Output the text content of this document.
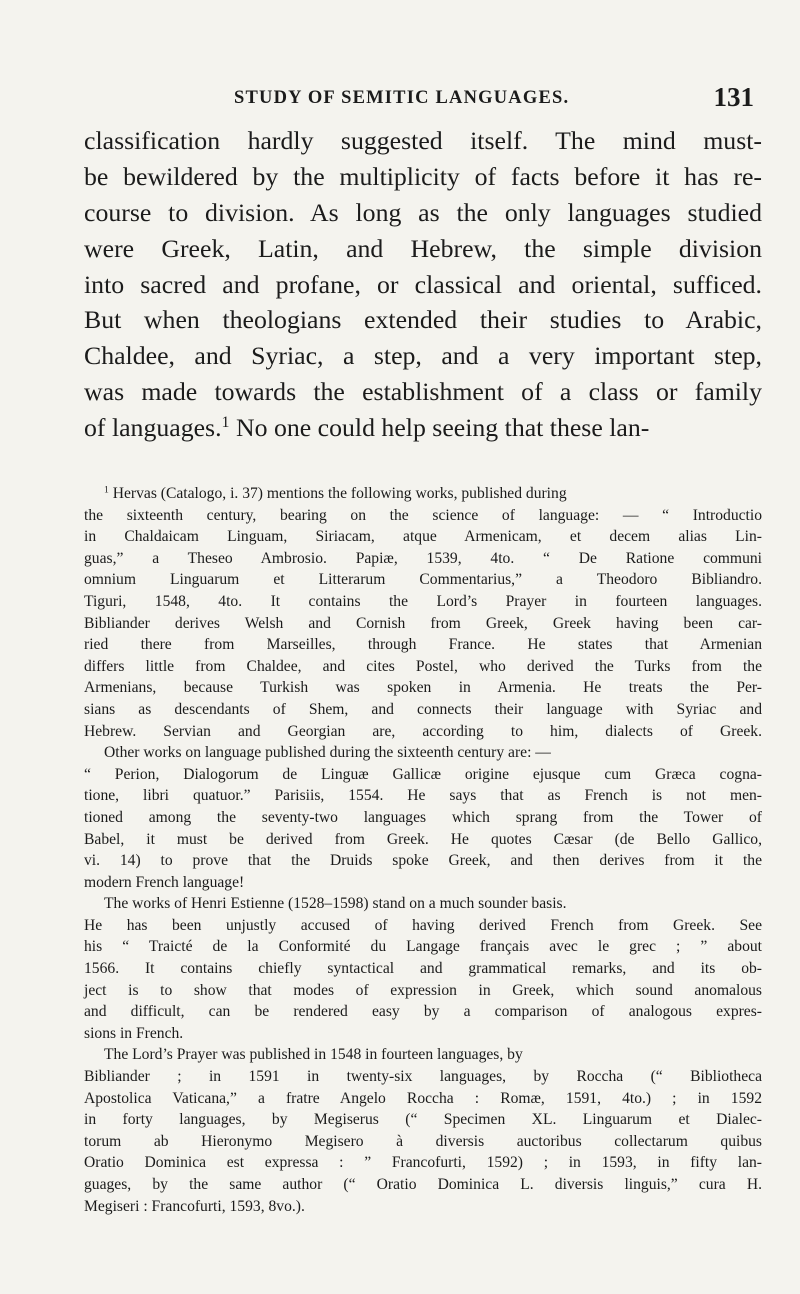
STUDY OF SEMITIC LANGUAGES.	131
classification hardly suggested itself. The mind must-
be bewildered by the multiplicity of facts before it has re-
course to division. As long as the only languages studied
were Greek, Latin, and Hebrew, the simple division
into sacred and profane, or classical and oriental, sufficed.
But when theologians extended their studies to Arabic,
Chaldee, and Syriac, a step, and a very important step,
was made towards the establishment of a class or family
of languages.$^1$ No one could help seeing that these lan-
$^1$ Hervas (Catalogo, i. 37) mentions the following works, published during
the sixteenth century, bearing on the science of language: — “ Introductio
in Chaldaicam Linguam, Siriacam, atque Armenicam, et decem alias Lin-
guas,” a Theseo Ambrosio. Papiæ, 1539, 4to. “ De Ratione communi
omnium Linguarum et Litterarum Commentarius,” a Theodoro Bibliandro.
Tiguri, 1548, 4to. It contains the Lord’s Prayer in fourteen languages.
Bibliander derives Welsh and Cornish from Greek, Greek having been car-
ried there from Marseilles, through France. He states that Armenian
differs little from Chaldee, and cites Postel, who derived the Turks from the
Armenians, because Turkish was spoken in Armenia. He treats the Per-
sians as descendants of Shem, and connects their language with Syriac and
Hebrew. Servian and Georgian are, according to him, dialects of Greek.
Other works on language published during the sixteenth century are: —
“ Perion, Dialogorum de Linguæ Gallicæ origine ejusque cum Græca cogna-
tione, libri quatuor.” Parisiis, 1554. He says that as French is not men-
tioned among the seventy-two languages which sprang from the Tower of
Babel, it must be derived from Greek. He quotes Cæsar (de Bello Gallico,
vi. 14) to prove that the Druids spoke Greek, and then derives from it the
modern French language!
The works of Henri Estienne (1528–1598) stand on a much sounder basis.
He has been unjustly accused of having derived French from Greek. See
his “ Traicté de la Conformité du Langage français avec le grec ; ” about
1566. It contains chiefly syntactical and grammatical remarks, and its ob-
ject is to show that modes of expression in Greek, which sound anomalous
and difficult, can be rendered easy by a comparison of analogous expres-
sions in French.
The Lord’s Prayer was published in 1548 in fourteen languages, by
Bibliander ; in 1591 in twenty-six languages, by Roccha (“ Bibliotheca
Apostolica Vaticana,” a fratre Angelo Roccha : Romæ, 1591, 4to.) ; in 1592
in forty languages, by Megiserus (“ Specimen XL. Linguarum et Dialec-
torum ab Hieronymo Megisero à diversis auctoribus collectarum quibus
Oratio Dominica est expressa : ” Francofurti, 1592) ; in 1593, in fifty lan-
guages, by the same author (“ Oratio Dominica L. diversis linguis,” cura H.
Megiseri : Francofurti, 1593, 8vo.).
